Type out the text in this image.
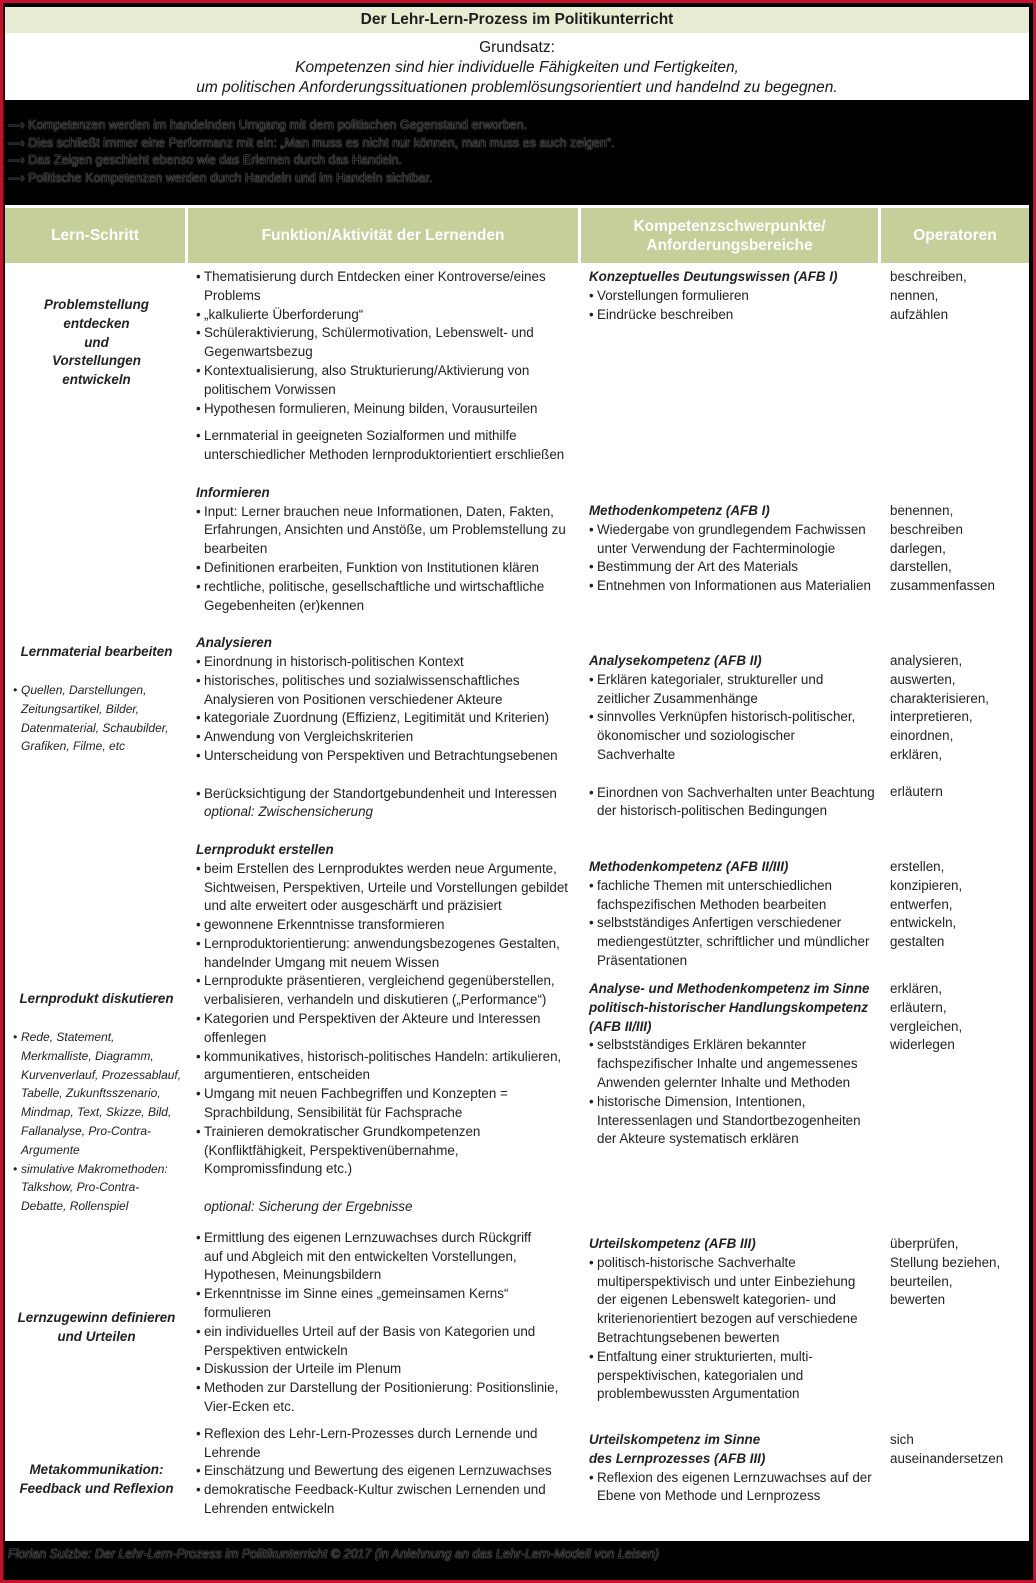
Der Lehr-Lern-Prozess im Politikunterricht
Grundsatz:
Kompetenzen sind hier individuelle Fähigkeiten und Fertigkeiten,
um politischen Anforderungssituationen problemlösungsorientiert und handelnd zu begegnen.
—› Kompetenzen werden im handelnden Umgang mit dem politischen Gegenstand erworben.
—› Dies schließt immer eine Performanz mit ein: „Man muss es nicht nur können, man muss es auch zeigen“.
—› Das Zeigen geschieht ebenso wie das Erlernen durch das Handeln.
—› Politische Kompetenzen werden durch Handeln und im Handeln sichtbar.
Lern-Schritt	Funktion/Aktivität der Lernenden
Kompetenzschwerpunkte/
Anforderungsbereiche
Operatoren
Problemstellung
entdecken
und
Vorstellungen
entwickeln
Lernmaterial bearbeiten
• Quellen, Darstellungen,
Zeitungsartikel, Bilder,
Datenmaterial, Schaubilder,
Grafiken, Filme, etc
Lernprodukt diskutieren
• Rede, Statement,
Merkmalliste, Diagramm,
Kurvenverlauf, Prozessablauf,
Tabelle, Zukunftsszenario,
Mindmap, Text, Skizze, Bild,
Fallanalyse, Pro-Contra-
Argumente
• simulative Makromethoden:
Talkshow, Pro-Contra-
Debatte, Rollenspiel
Lernzugewinn definieren
und Urteilen
Metakommunikation:
Feedback und Reflexion
• Thematisierung durch Entdecken einer Kontroverse/eines
Problems
• „kalkulierte Überforderung“
• Schüleraktivierung, Schülermotivation, Lebenswelt- und
Gegenwartsbezug
• Kontextualisierung, also Strukturierung/Aktivierung von
politischem Vorwissen
• Hypothesen formulieren, Meinung bilden, Vorausurteilen
• Lernmaterial in geeigneten Sozialformen und mithilfe
unterschiedlicher Methoden lernproduktorientiert erschließen
Informieren
• Input: Lerner brauchen neue Informationen, Daten, Fakten,
Erfahrungen, Ansichten und Anstöße, um Problemstellung zu
bearbeiten
• Definitionen erarbeiten, Funktion von Institutionen klären
• rechtliche, politische, gesellschaftliche und wirtschaftliche
Gegebenheiten (er)kennen
Analysieren
• Einordnung in historisch-politischen Kontext
• historisches, politisches und sozialwissenschaftliches
Analysieren von Positionen verschiedener Akteure
• kategoriale Zuordnung (Effizienz, Legitimität und Kriterien)
• Anwendung von Vergleichskriterien
• Unterscheidung von Perspektiven und Betrachtungsebenen
• Berücksichtigung der Standortgebundenheit und Interessen
optional: Zwischensicherung
Lernprodukt erstellen
• beim Erstellen des Lernproduktes werden neue Argumente,
Sichtweisen, Perspektiven, Urteile und Vorstellungen gebildet
und alte erweitert oder ausgeschärft und präzisiert
• gewonnene Erkenntnisse transformieren
• Lernproduktorientierung: anwendungsbezogenes Gestalten,
handelnder Umgang mit neuem Wissen
• Lernprodukte präsentieren, vergleichend gegenüberstellen,
verbalisieren, verhandeln und diskutieren („Performance“)
• Kategorien und Perspektiven der Akteure und Interessen
offenlegen
• kommunikatives, historisch-politisches Handeln: artikulieren,
argumentieren, entscheiden
• Umgang mit neuen Fachbegriffen und Konzepten =
Sprachbildung, Sensibilität für Fachsprache
• Trainieren demokratischer Grundkompetenzen
(Konfliktfähigkeit, Perspektivenübernahme,
Kompromissfindung etc.)
optional: Sicherung der Ergebnisse
• Ermittlung des eigenen Lernzuwachses durch Rückgriff
auf und Abgleich mit den entwickelten Vorstellungen,
Hypothesen, Meinungsbildern
• Erkenntnisse im Sinne eines „gemeinsamen Kerns“
formulieren
• ein individuelles Urteil auf der Basis von Kategorien und
Perspektiven entwickeln
• Diskussion der Urteile im Plenum
• Methoden zur Darstellung der Positionierung: Positionslinie,
Vier-Ecken etc.
• Reflexion des Lehr-Lern-Prozesses durch Lernende und
Lehrende
• Einschätzung und Bewertung des eigenen Lernzuwachses
• demokratische Feedback-Kultur zwischen Lernenden und
Lehrenden entwickeln
Konzeptuelles Deutungswissen (AFB I)
• Vorstellungen formulieren
• Eindrücke beschreiben
Methodenkompetenz (AFB I)
• Wiedergabe von grundlegendem Fachwissen
unter Verwendung der Fachterminologie
• Bestimmung der Art des Materials
• Entnehmen von Informationen aus Materialien
Analysekompetenz (AFB II)
• Erklären kategorialer, struktureller und
zeitlicher Zusammenhänge
• sinnvolles Verknüpfen historisch-politischer,
ökonomischer und soziologischer
Sachverhalte
• Einordnen von Sachverhalten unter Beachtung
der historisch-politischen Bedingungen
Methodenkompetenz (AFB II/III)
• fachliche Themen mit unterschiedlichen
fachspezifischen Methoden bearbeiten
• selbstständiges Anfertigen verschiedener
mediengestützter, schriftlicher und mündlicher
Präsentationen
Analyse- und Methodenkompetenz im Sinne
politisch-historischer Handlungskompetenz
(AFB II/III)
• selbstständiges Erklären bekannter
fachspezifischer Inhalte und angemessenes
Anwenden gelernter Inhalte und Methoden
• historische Dimension, Intentionen,
Interessenlagen und Standortbezogenheiten
der Akteure systematisch erklären
Urteilskompetenz (AFB III)
• politisch-historische Sachverhalte
multiperspektivisch und unter Einbeziehung
der eigenen Lebenswelt kategorien- und
kriterienorientiert bezogen auf verschiedene
Betrachtungsebenen bewerten
• Entfaltung einer strukturierten, multi-
perspektivischen, kategorialen und
problembewussten Argumentation
Urteilskompetenz im Sinne
des Lernprozesses (AFB III)
• Reflexion des eigenen Lernzuwachses auf der
Ebene von Methode und Lernprozess
beschreiben,
nennen,
aufzählen
benennen,
beschreiben
darlegen,
darstellen,
zusammenfassen
analysieren,
auswerten,
charakterisieren,
interpretieren,
einordnen,
erklären,
erläutern
erstellen,
konzipieren,
entwerfen,
entwickeln,
gestalten
erklären,
erläutern,
vergleichen,
widerlegen
überprüfen,
Stellung beziehen,
beurteilen,
bewerten
sich
auseinandersetzen
Florian Sulzbe: Der Lehr-Lern-Prozess im Politikunterricht © 2017 (in Anlehnung an das Lehr-Lern-Modell von Leisen)
